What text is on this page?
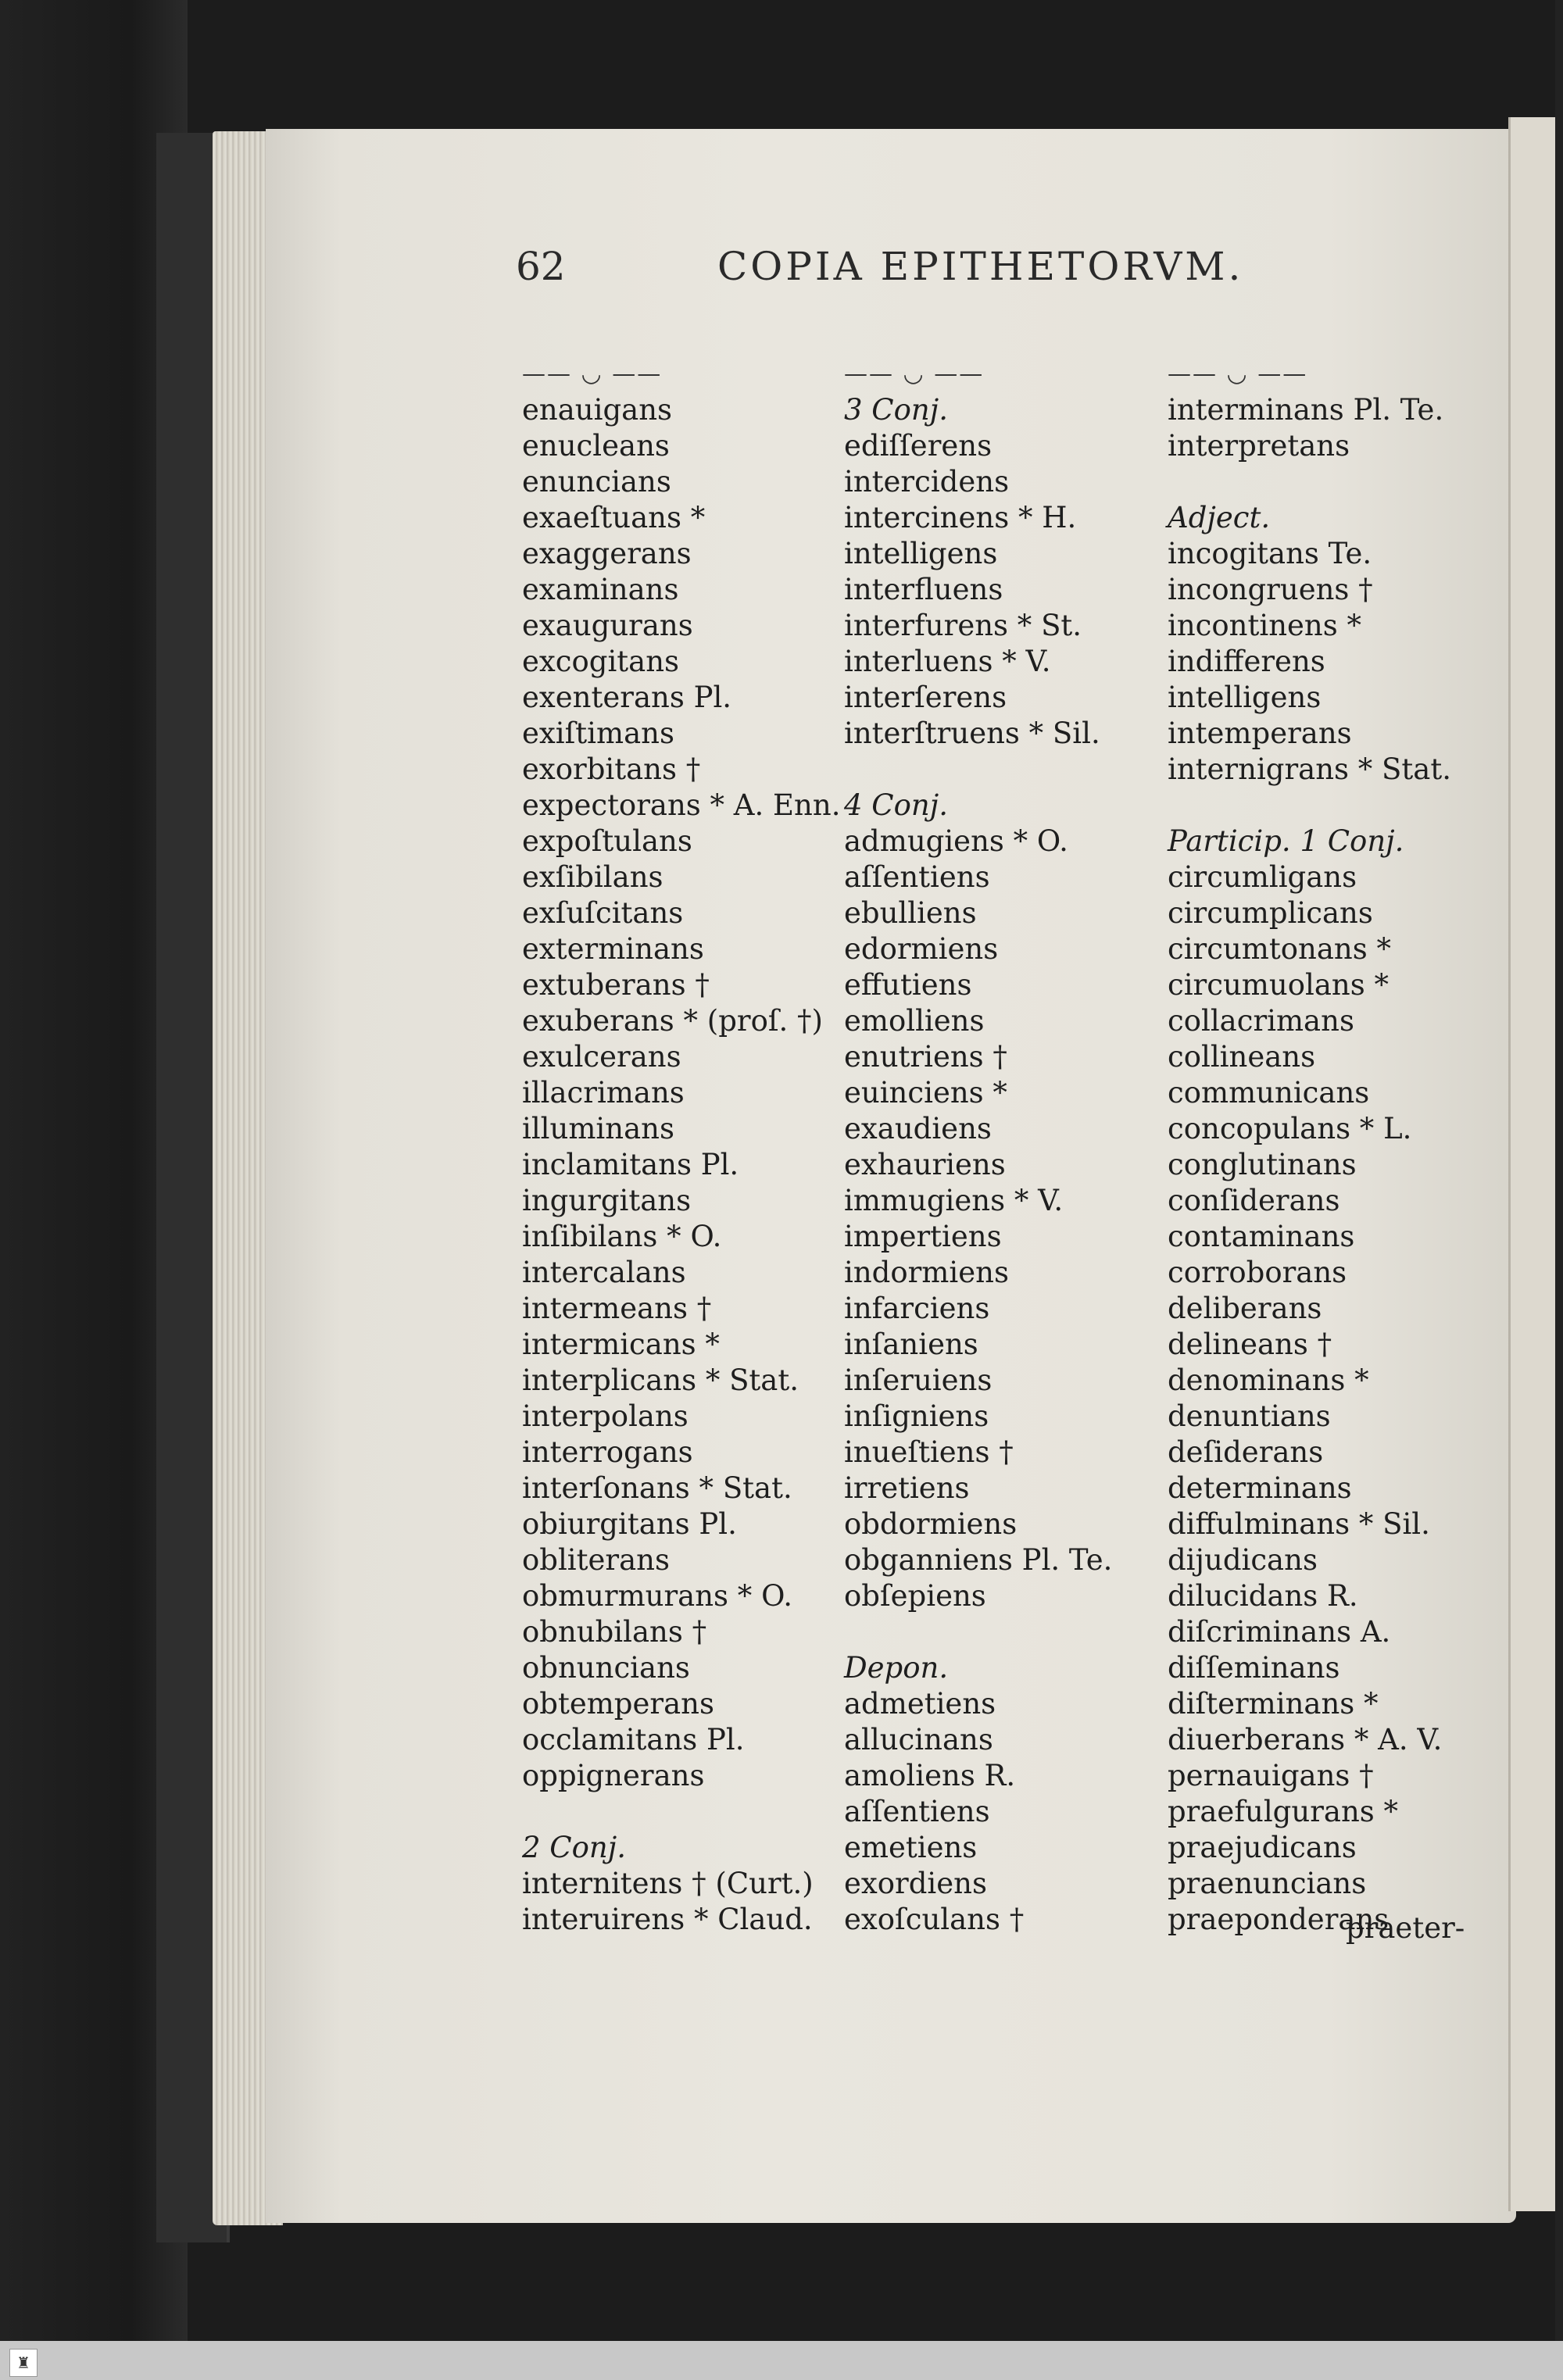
62	COPIA EPITHETORVM.
—— ◡ ——
enauigans
enucleans
enuncians
exaeſtuans *
exaggerans
examinans
exaugurans
excogitans
exenterans Pl.
exiſtimans
exorbitans †
expectorans * A. Enn.
expoſtulans
exſibilans
exſuſcitans
exterminans
extuberans †
exuberans * (proſ. †)
exulcerans
illacrimans
illuminans
inclamitans Pl.
ingurgitans
inſibilans * O.
intercalans
intermeans †
intermicans *
interplicans * Stat.
interpolans
interrogans
interſonans * Stat.
obiurgitans Pl.
obliterans
obmurmurans * O.
obnubilans †
obnuncians
obtemperans
occlamitans Pl.
oppignerans
2 Conj.
internitens † (Curt.)
interuirens * Claud.
—— ◡ ——
3 Conj.
ediſſerens
intercidens
intercinens * H.
intelligens
interfluens
interfurens * St.
interluens * V.
interſerens
interſtruens * Sil.
4 Conj.
admugiens * O.
aſſentiens
ebulliens
edormiens
effutiens
emolliens
enutriens †
euinciens *
exaudiens
exhauriens
immugiens * V.
impertiens
indormiens
infarciens
inſaniens
inſeruiens
inſigniens
inueſtiens †
irretiens
obdormiens
obganniens Pl. Te.
obſepiens
Depon.
admetiens
allucinans
amoliens R.
aſſentiens
emetiens
exordiens
exoſculans †
—— ◡ ——
interminans Pl. Te.
interpretans
Adject.
incogitans Te.
incongruens †
incontinens *
indifferens
intelligens
intemperans
internigrans * Stat.
Particip. 1 Conj.
circumligans
circumplicans
circumtonans *
circumuolans *
collacrimans
collineans
communicans
concopulans * L.
conglutinans
conſiderans
contaminans
corroborans
deliberans
delineans †
denominans *
denuntians
deſiderans
determinans
diffulminans * Sil.
dijudicans
dilucidans R.
diſcriminans A.
diſſeminans
diſterminans *
diuerberans * A. V.
pernauigans †
praefulgurans *
praejudicans
praenuncians
praeponderans
praeter-
♜
